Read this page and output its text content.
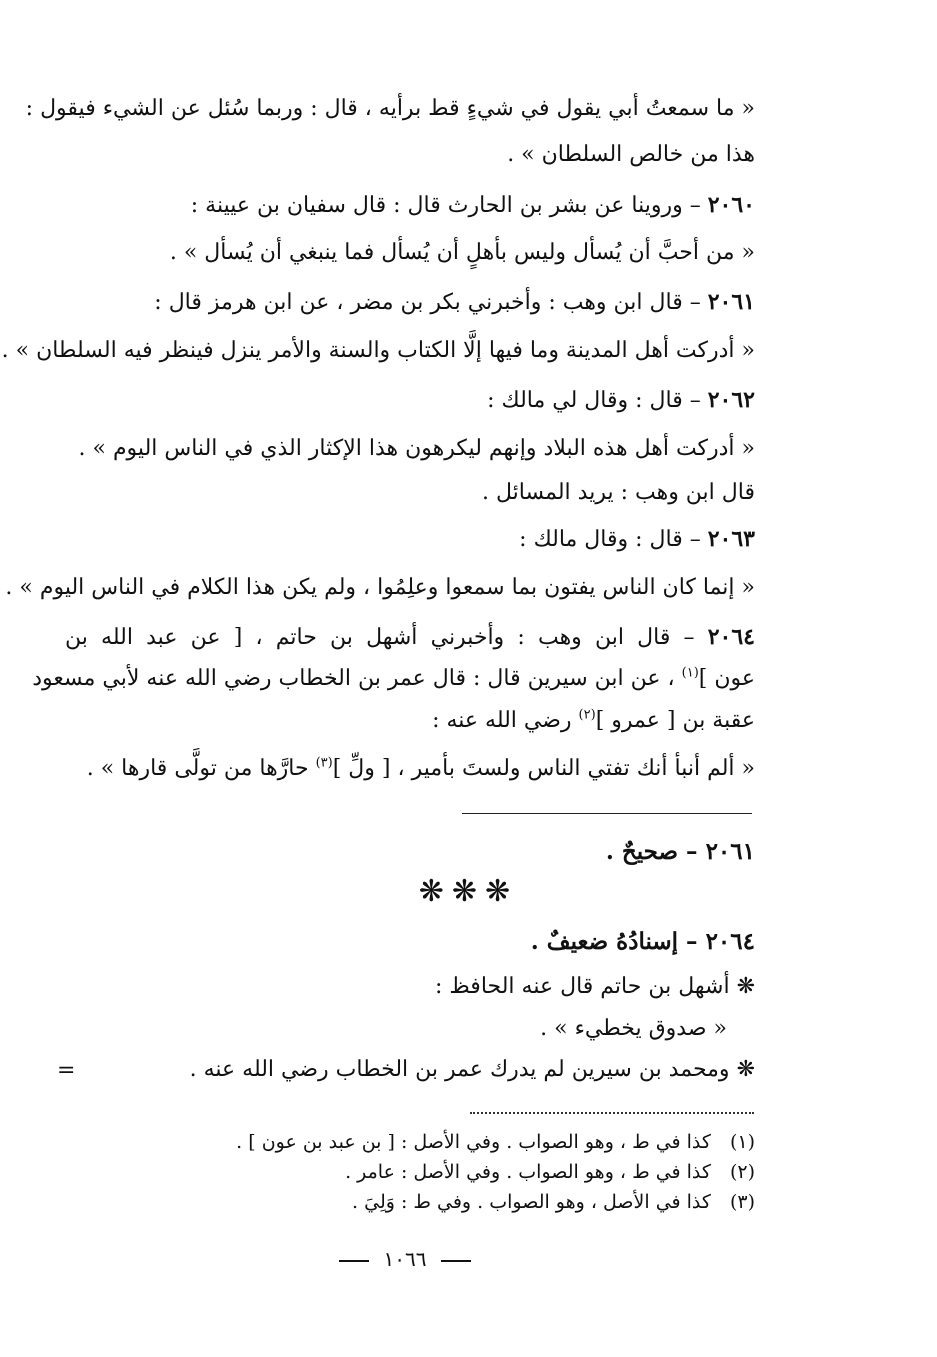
« ما سمعتُ أبي يقول في شيءٍ قط برأيه ، قال : وربما سُئل عن الشيء فيقول :
هذا من خالص السلطان » .
٢٠٦٠ – وروينا عن بشر بن الحارث قال : قال سفيان بن عيينة :
« من أحبَّ أن يُسأل وليس بأهلٍ أن يُسأل فما ينبغي أن يُسأل » .
٢٠٦١ – قال ابن وهب : وأخبرني بكر بن مضر ، عن ابن هرمز قال :
« أدركت أهل المدينة وما فيها إلَّا الكتاب والسنة والأمر ينزل فينظر فيه السلطان » .
٢٠٦٢ – قال : وقال لي مالك :
« أدركت أهل هذه البلاد وإنهم ليكرهون هذا الإكثار الذي في الناس اليوم » .
قال ابن وهب : يريد المسائل .
٢٠٦٣ – قال : وقال مالك :
« إنما كان الناس يفتون بما سمعوا وعلِمُوا ، ولم يكن هذا الكلام في الناس اليوم » .
٢٠٦٤ – قال ابن وهب : وأخبرني أشهل بن حاتم ، [ عن عبد الله بن
عون ]$^{(١)}$ ، عن ابن سيرين قال : قال عمر بن الخطاب رضي الله عنه لأبي مسعود
عقبة بن [ عمرو ]$^{(٢)}$ رضي الله عنه :
« ألم أنبأ أنك تفتي الناس ولستَ بأمير ، [ ولِّ ]$^{(٣)}$ حارَّها من تولَّى قارها » .
٢٠٦١ – صحيحٌ .
❋❋❋
٢٠٦٤ – إسنادُهُ ضعيفٌ .
❋ أشهل بن حاتم قال عنه الحافظ :
« صدوق يخطيء » .
❋ ومحمد بن سيرين لم يدرك عمر بن الخطاب رضي الله عنه .
=
(١) كذا في ط ، وهو الصواب . وفي الأصل : [ بن عبد بن عون ] .
(٢) كذا في ط ، وهو الصواب . وفي الأصل : عامر .
(٣) كذا في الأصل ، وهو الصواب . وفي ط : وَلِيَ .
١٠٦٦
